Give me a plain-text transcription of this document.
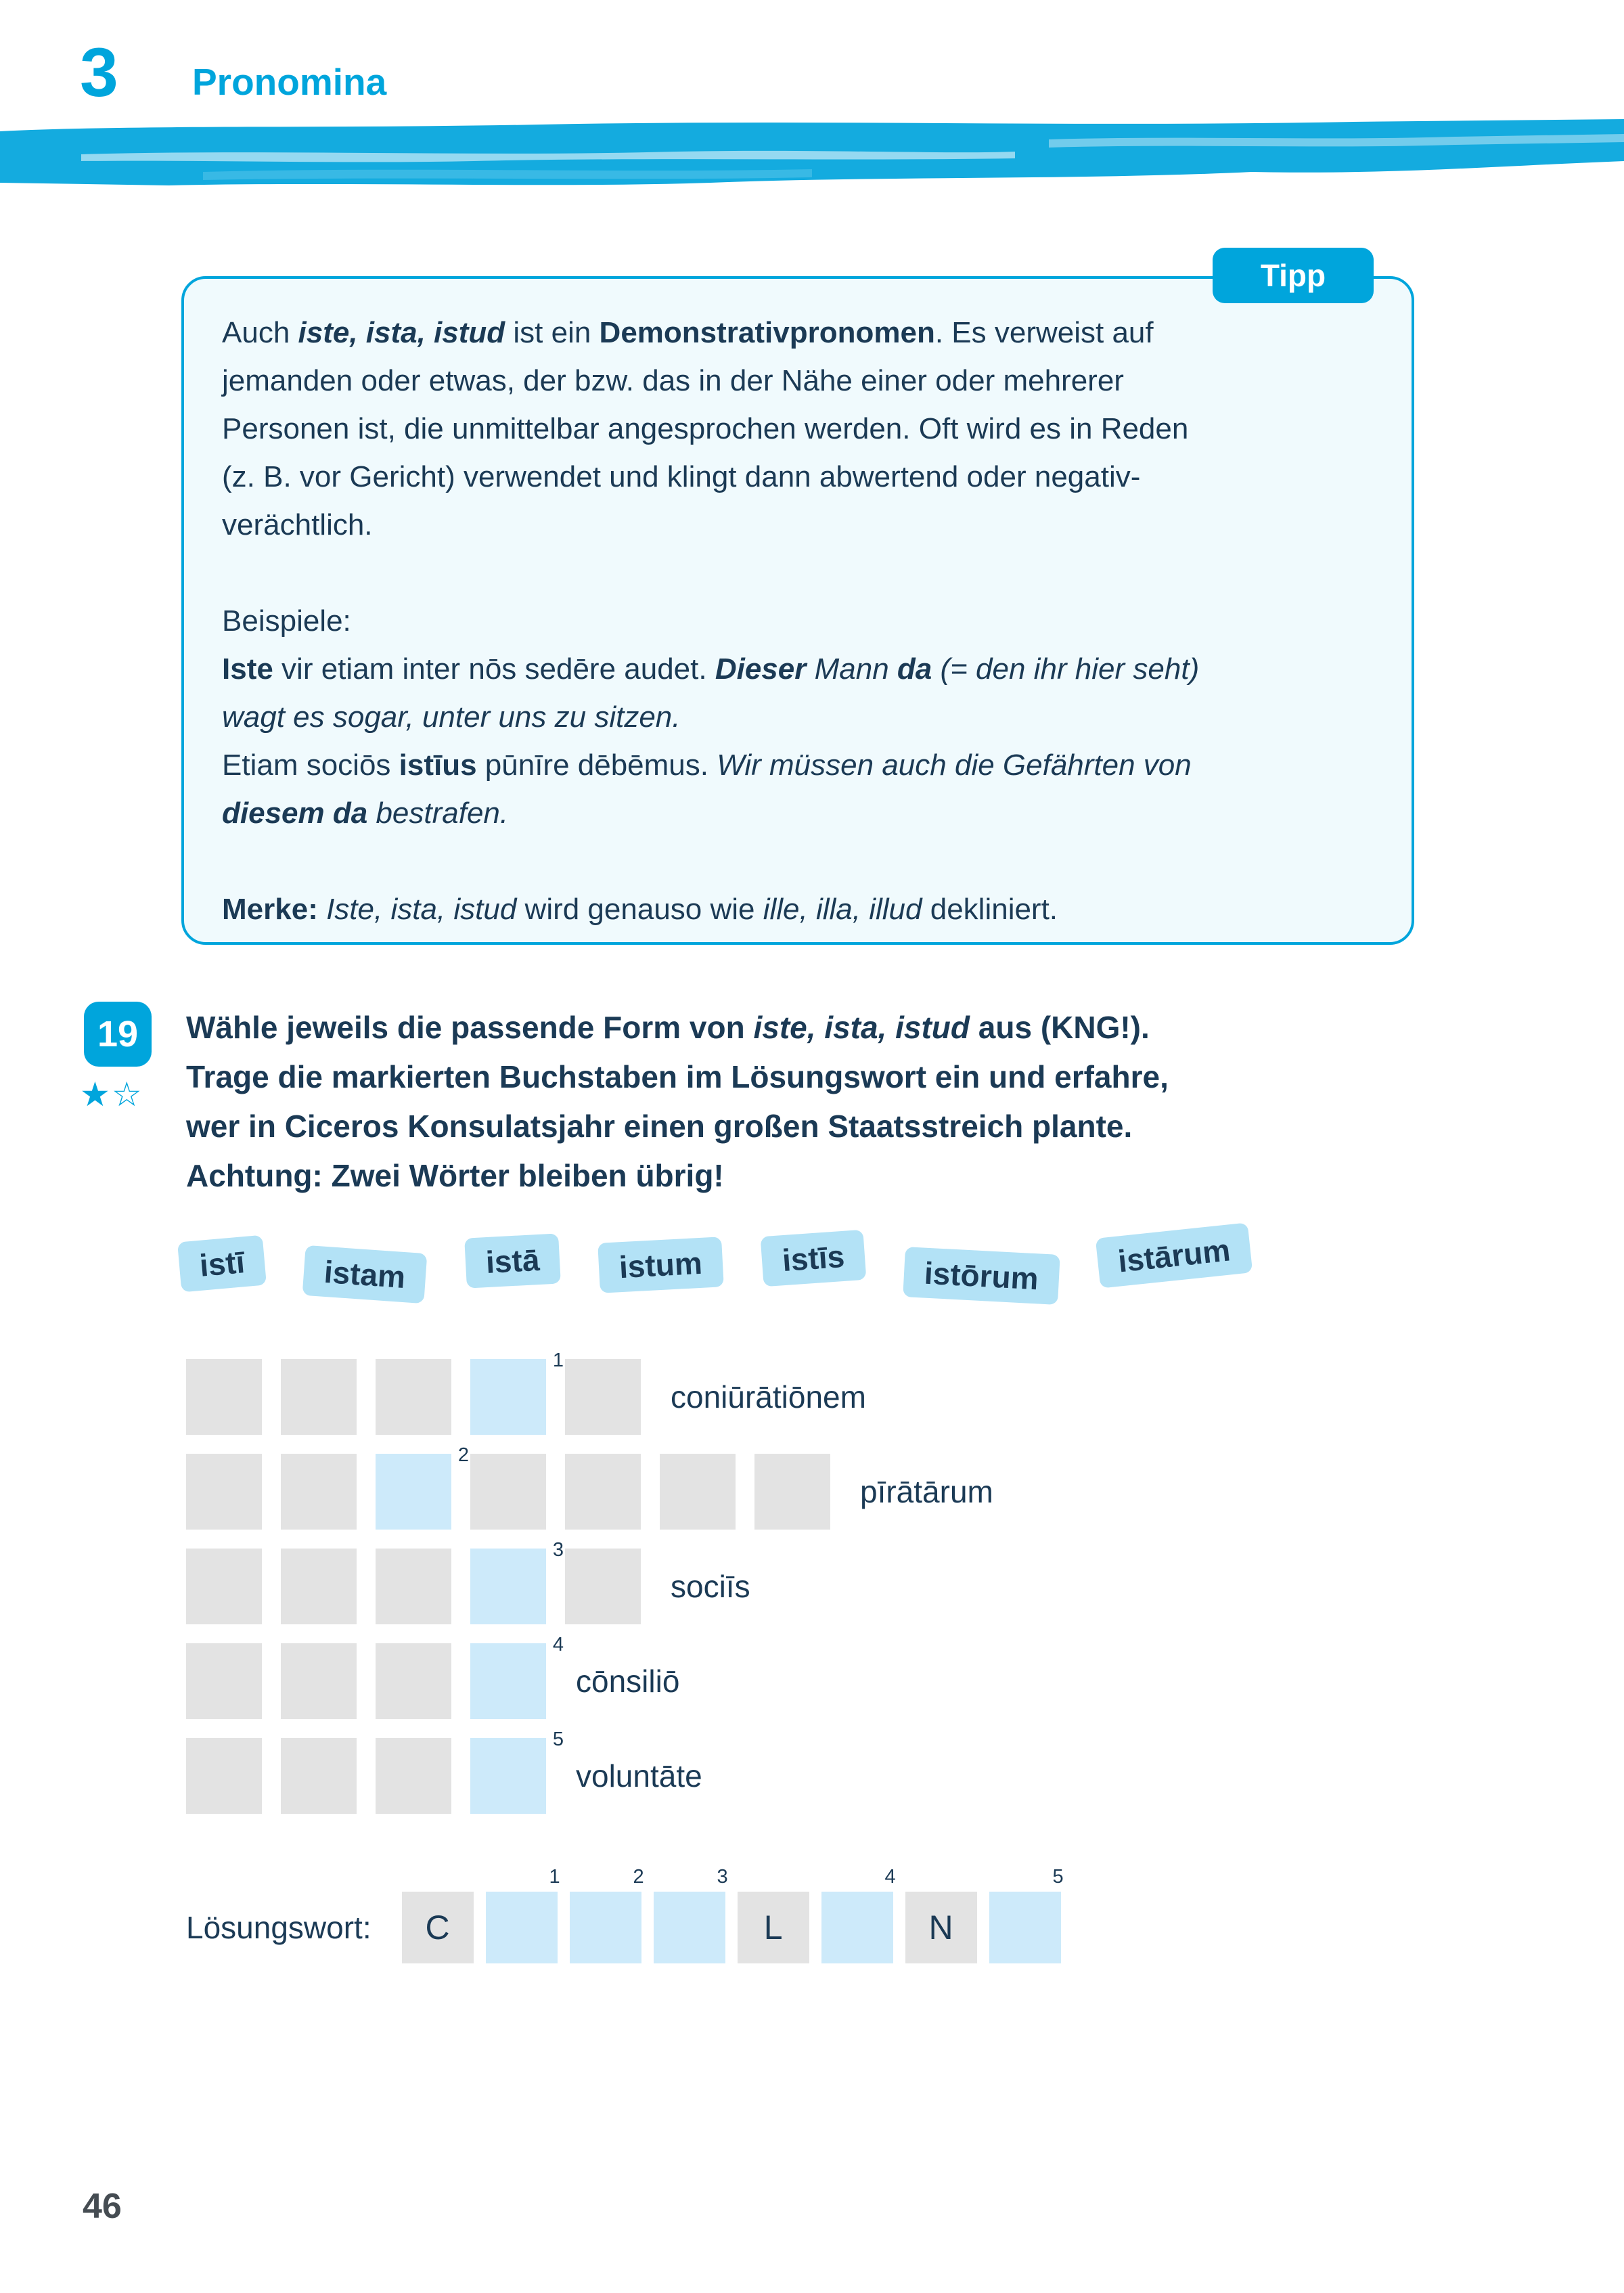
3 Pronomina
Tipp
Auch iste, ista, istud ist ein Demonstrativpronomen. Es verweist auf
jemanden oder etwas, der bzw. das in der Nähe einer oder mehrerer
Personen ist, die unmittelbar angesprochen werden. Oft wird es in Reden
(z. B. vor Gericht) verwendet und klingt dann abwertend oder negativ-
verächtlich.
Beispiele:
Iste vir etiam inter nōs sedēre audet. Dieser Mann da (= den ihr hier seht)
wagt es sogar, unter uns zu sitzen.
Etiam sociōs istīus pūnīre dēbēmus. Wir müssen auch die Gefährten von
diesem da bestrafen.
Merke: Iste, ista, istud wird genauso wie ille, illa, illud dekliniert.
19
★☆
Wähle jeweils die passende Form von iste, ista, istud aus (KNG!).
Trage die markierten Buchstaben im Lösungswort ein und erfahre,
wer in Ciceros Konsulatsjahr einen großen Staatsstreich plante.
Achtung: Zwei Wörter bleiben übrig!
istī	istam	istā	istum	istīs	istōrum	istārum
1
coniūrātiōnem
2
pīrātārum
3
sociīs
4
cōnsiliō
5
voluntāte
Lösungswort: C
1	2	3
L
4
N
5
46
